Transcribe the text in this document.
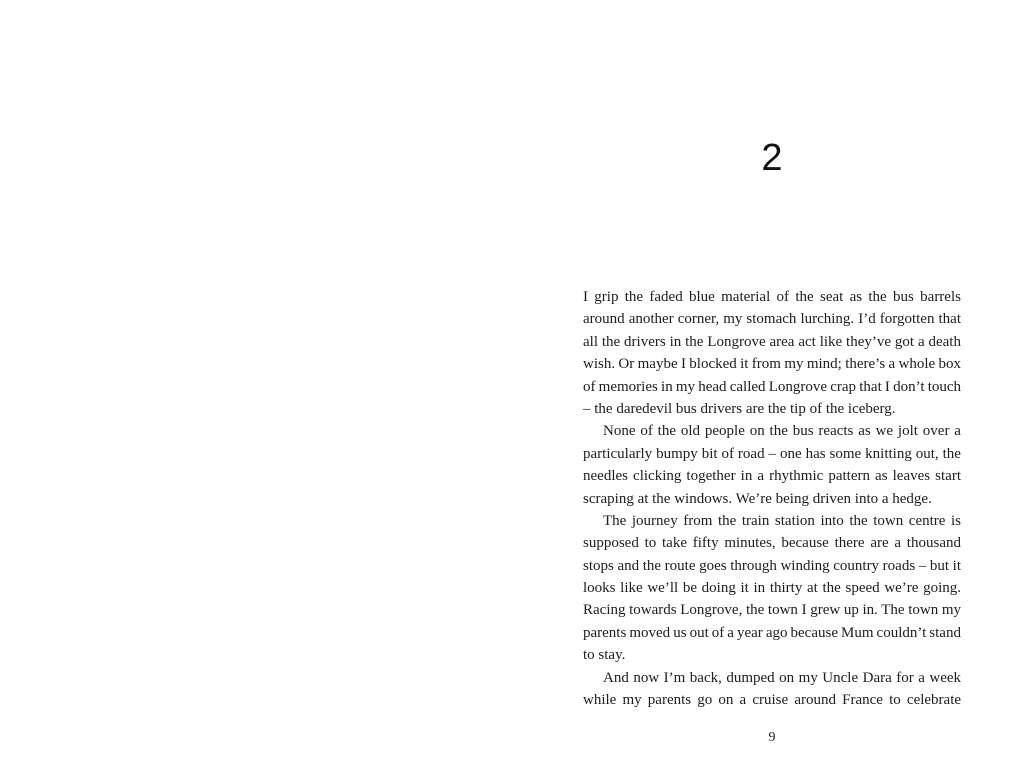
2
I grip the faded blue material of the seat as the bus barrels
around another corner, my stomach lurching. I’d forgotten that
all the drivers in the Longrove area act like they’ve got a death
wish. Or maybe I blocked it from my mind; there’s a whole box
of memories in my head called Longrove crap that I don’t touch
– the daredevil bus drivers are the tip of the iceberg.
None of the old people on the bus reacts as we jolt over a
particularly bumpy bit of road – one has some knitting out, the
needles clicking together in a rhythmic pattern as leaves start
scraping at the windows. We’re being driven into a hedge.
The journey from the train station into the town centre is
supposed to take fifty minutes, because there are a thousand
stops and the route goes through winding country roads – but it
looks like we’ll be doing it in thirty at the speed we’re going.
Racing towards Longrove, the town I grew up in. The town my
parents moved us out of a year ago because Mum couldn’t stand
to stay.
And now I’m back, dumped on my Uncle Dara for a week
while my parents go on a cruise around France to celebrate
9
